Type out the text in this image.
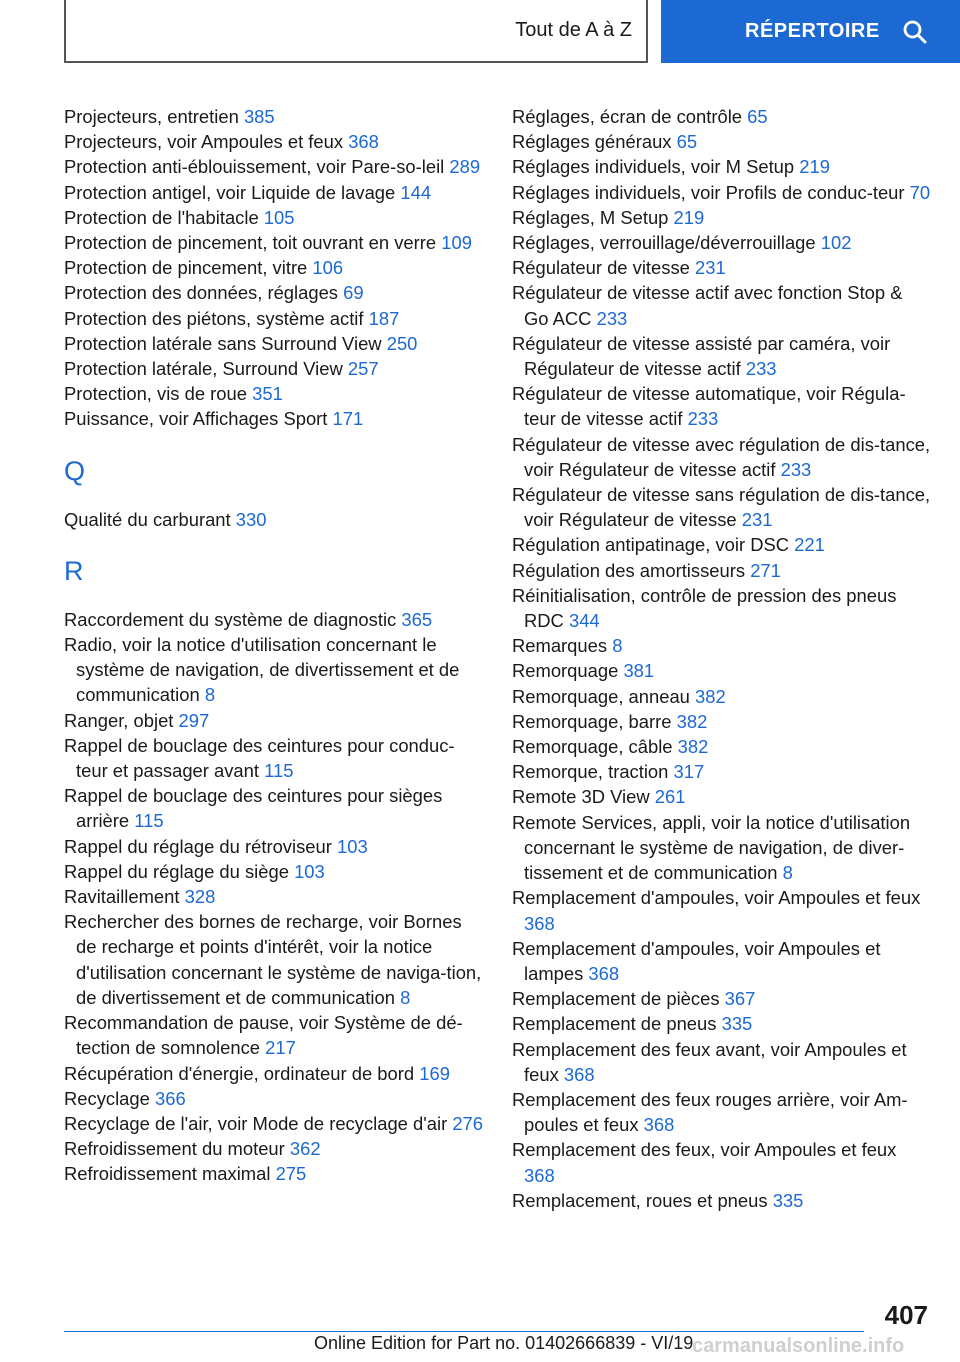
Tout de A à Z	RÉPERTOIRE
Projecteurs, entretien 385
Projecteurs, voir Ampoules et feux 368
Protection anti-éblouissement, voir Pare-so-leil 289
Protection antigel, voir Liquide de lavage 144
Protection de l'habitacle 105
Protection de pincement, toit ouvrant en verre 109
Protection de pincement, vitre 106
Protection des données, réglages 69
Protection des piétons, système actif 187
Protection latérale sans Surround View 250
Protection latérale, Surround View 257
Protection, vis de roue 351
Puissance, voir Affichages Sport 171
Q
Qualité du carburant 330
R
Raccordement du système de diagnostic 365
Radio, voir la notice d'utilisation concernant le système de navigation, de divertissement et de communication 8
Ranger, objet 297
Rappel de bouclage des ceintures pour conduc-teur et passager avant 115
Rappel de bouclage des ceintures pour sièges arrière 115
Rappel du réglage du rétroviseur 103
Rappel du réglage du siège 103
Ravitaillement 328
Rechercher des bornes de recharge, voir Bornes de recharge et points d'intérêt, voir la notice d'utilisation concernant le système de naviga-tion, de divertissement et de communication 8
Recommandation de pause, voir Système de dé-tection de somnolence 217
Récupération d'énergie, ordinateur de bord 169
Recyclage 366
Recyclage de l'air, voir Mode de recyclage d'air 276
Refroidissement du moteur 362
Refroidissement maximal 275
Réglages, écran de contrôle 65
Réglages généraux 65
Réglages individuels, voir M Setup 219
Réglages individuels, voir Profils de conduc-teur 70
Réglages, M Setup 219
Réglages, verrouillage/déverrouillage 102
Régulateur de vitesse 231
Régulateur de vitesse actif avec fonction Stop & Go ACC 233
Régulateur de vitesse assisté par caméra, voir Régulateur de vitesse actif 233
Régulateur de vitesse automatique, voir Régula-teur de vitesse actif 233
Régulateur de vitesse avec régulation de dis-tance, voir Régulateur de vitesse actif 233
Régulateur de vitesse sans régulation de dis-tance, voir Régulateur de vitesse 231
Régulation antipatinage, voir DSC 221
Régulation des amortisseurs 271
Réinitialisation, contrôle de pression des pneus RDC 344
Remarques 8
Remorquage 381
Remorquage, anneau 382
Remorquage, barre 382
Remorquage, câble 382
Remorque, traction 317
Remote 3D View 261
Remote Services, appli, voir la notice d'utilisation concernant le système de navigation, de diver-tissement et de communication 8
Remplacement d'ampoules, voir Ampoules et feux 368
Remplacement d'ampoules, voir Ampoules et lampes 368
Remplacement de pièces 367
Remplacement de pneus 335
Remplacement des feux avant, voir Ampoules et feux 368
Remplacement des feux rouges arrière, voir Am-poules et feux 368
Remplacement des feux, voir Ampoules et feux 368
Remplacement, roues et pneus 335
407
Online Edition for Part no. 01402666839 - VI/19
carmanualsonline.info
